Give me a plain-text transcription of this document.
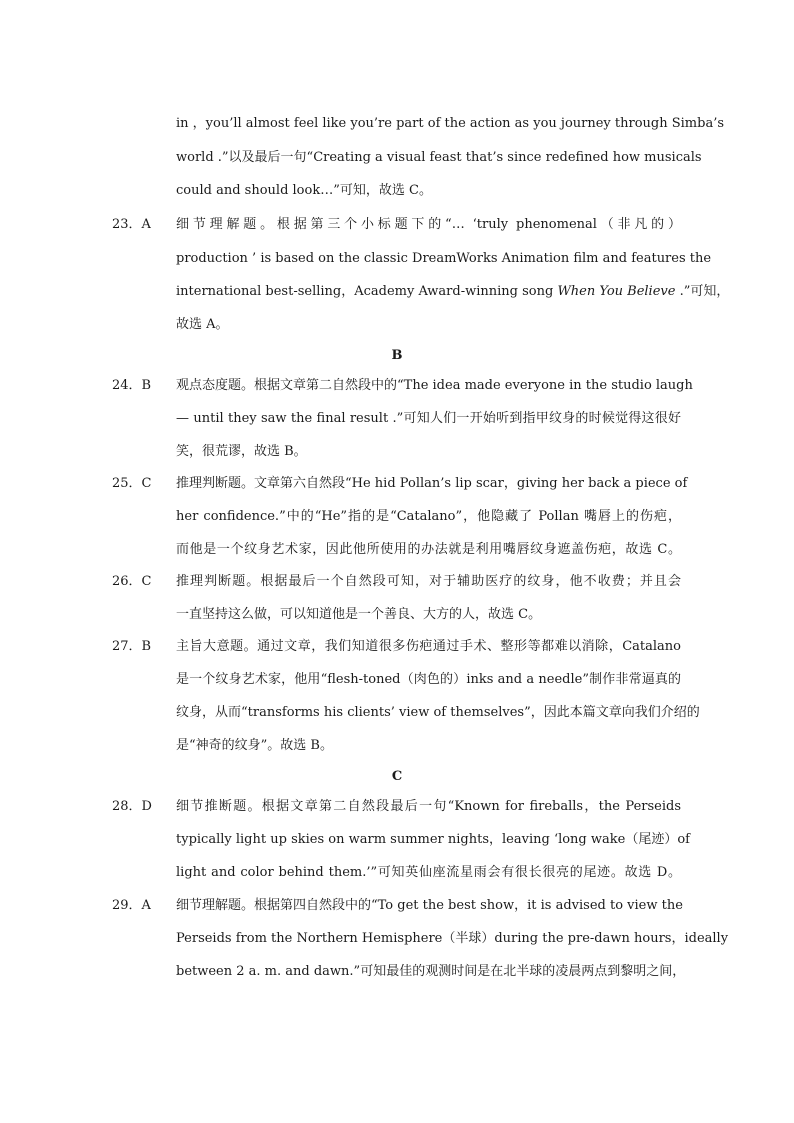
in ，you’ll almost feel like you’re part of the action as you journey through Simba’s
world .”以及最后一句“Creating a visual feast that’s since redefined how musicals
could and should look…”可知，故选 C。
23．A	细节理解题。根据第三个小标题下的“… ‘truly phenomenal（非凡的）
production ’ is based on the classic DreamWorks Animation film and features the
international best-selling，Academy Award-winning song When You Believe .”可知，
故选 A。
B
24．B	观点态度题。根据文章第二自然段中的“The idea made everyone in the studio laugh
— until they saw the final result .”可知人们一开始听到指甲纹身的时候觉得这很好
笑，很荒谬，故选 B。
25．C	推理判断题。文章第六自然段“He hid Pollan’s lip scar，giving her back a piece of
her confidence.”中的“He”指的是“Catalano”，他隐藏了 Pollan 嘴唇上的伤疤，
而他是一个纹身艺术家，因此他所使用的办法就是利用嘴唇纹身遮盖伤疤，故选 C。
26．C	推理判断题。根据最后一个自然段可知，对于辅助医疗的纹身，他不收费；并且会
一直坚持这么做，可以知道他是一个善良、大方的人，故选 C。
27．B	主旨大意题。通过文章，我们知道很多伤疤通过手术、整形等都难以消除，Catalano
是一个纹身艺术家，他用“flesh-toned（肉色的）inks and a needle”制作非常逼真的
纹身，从而“transforms his clients’ view of themselves”，因此本篇文章向我们介绍的
是“神奇的纹身”。故选 B。
C
28．D	细节推断题。根据文章第二自然段最后一句“Known for fireballs，the Perseids
typically light up skies on warm summer nights，leaving ‘long wake（尾迹）of
light and color behind them.’”可知英仙座流星雨会有很长很亮的尾迹。故选 D。
29．A	细节理解题。根据第四自然段中的“To get the best show，it is advised to view the
Perseids from the Northern Hemisphere（半球）during the pre-dawn hours，ideally
between 2 a. m. and dawn.”可知最佳的观测时间是在北半球的凌晨两点到黎明之间，
